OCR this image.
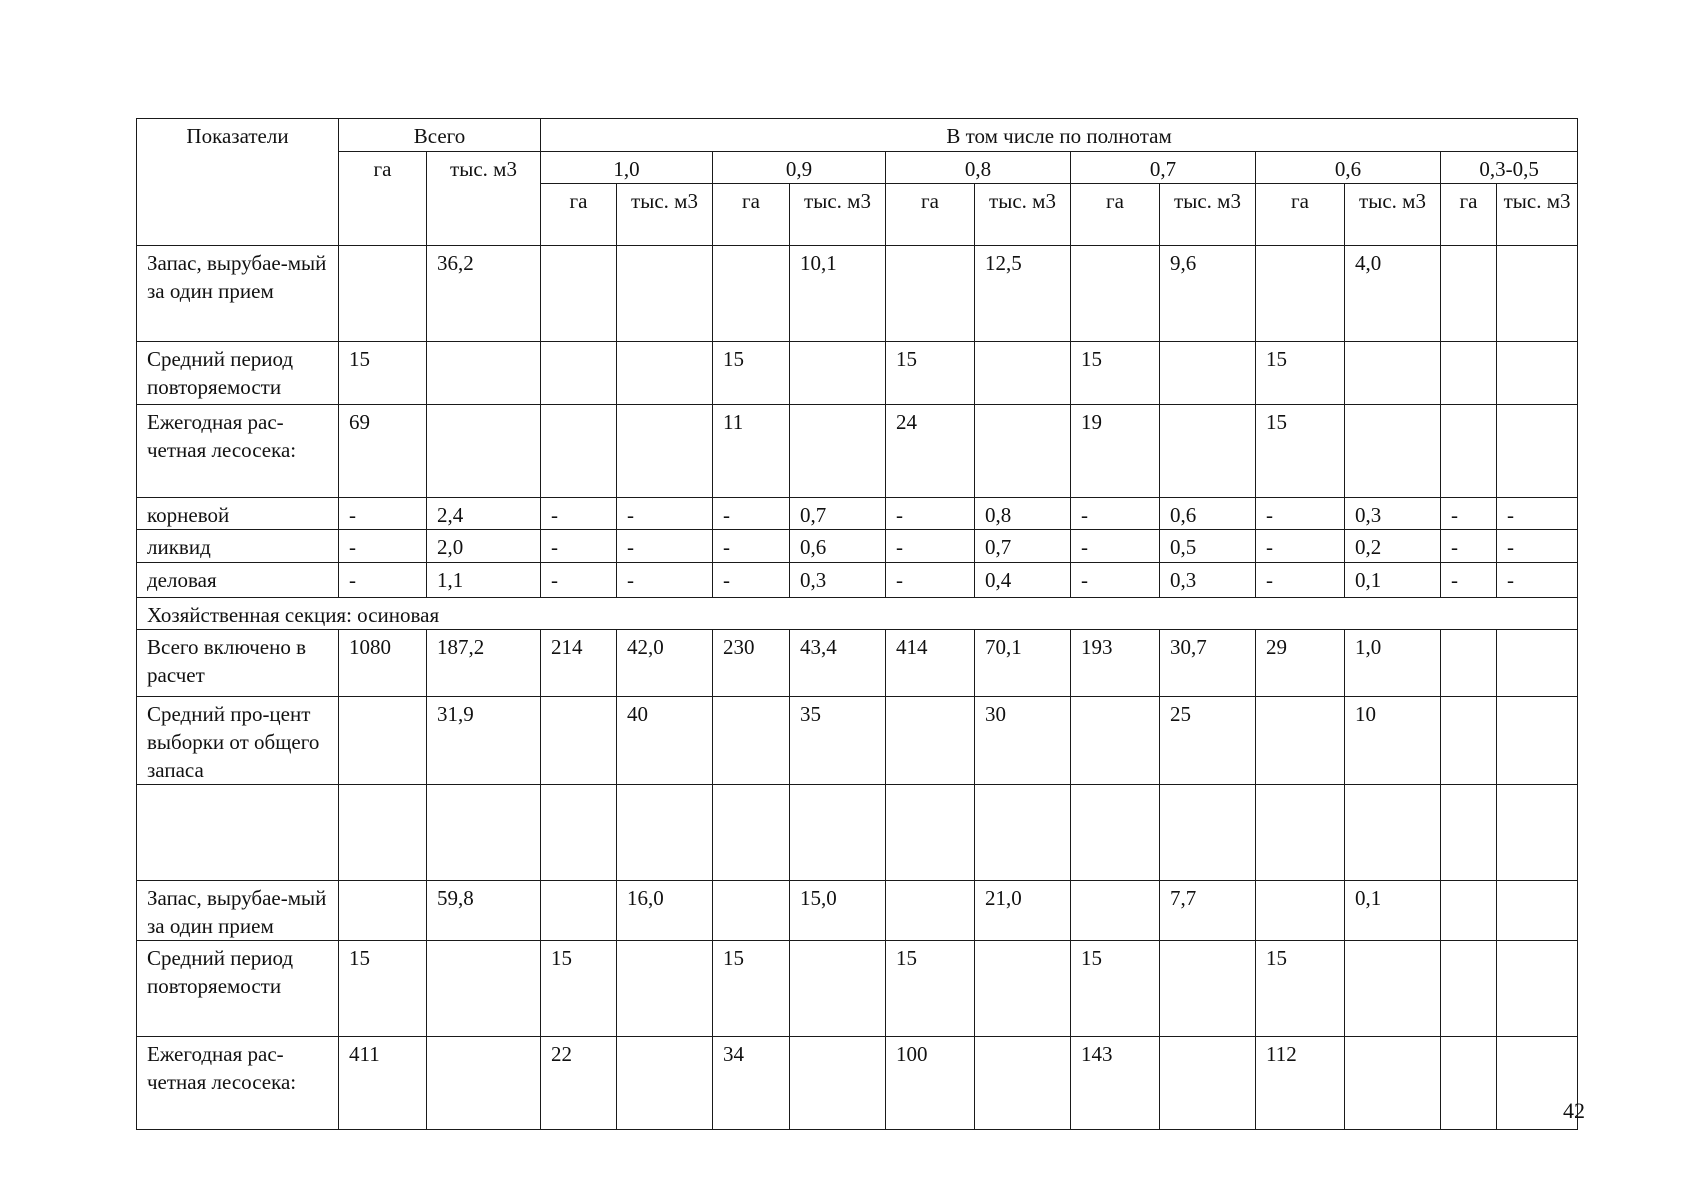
Показатели	Всего		В том числе по полнотам											
	га	тыс. м3	1,0		0,9		0,8		0,7		0,6		0,3-0,5	
			га	тыс. м3	га	тыс. м3	га	тыс. м3	га	тыс. м3	га	тыс. м3	га	тыс. м3
Запас, вырубае-мый за один прием		36,2				10,1		12,5		9,6		4,0		
Средний период повторяемости	15				15		15		15		15			
Ежегодная рас-четная лесосека:	69				11		24		19		15			
корневой	-	2,4	-	-	-	0,7	-	0,8	-	0,6	-	0,3	-	-
ликвид	-	2,0	-	-	-	0,6	-	0,7	-	0,5	-	0,2	-	-
деловая	-	1,1	-	-	-	0,3	-	0,4	-	0,3	-	0,1	-	-
Хозяйственная секция: осиновая														
Всего включено в расчет	1080	187,2	214	42,0	230	43,4	414	70,1	193	30,7	29	1,0		
Средний про-цент выборки от общего запаса		31,9		40		35		30		25		10		

Запас, вырубае-мый за один прием		59,8		16,0		15,0		21,0		7,7		0,1		
Средний период повторяемости	15		15		15		15		15		15			
Ежегодная рас-четная лесосека:	411		22		34		100		143		112			
42
